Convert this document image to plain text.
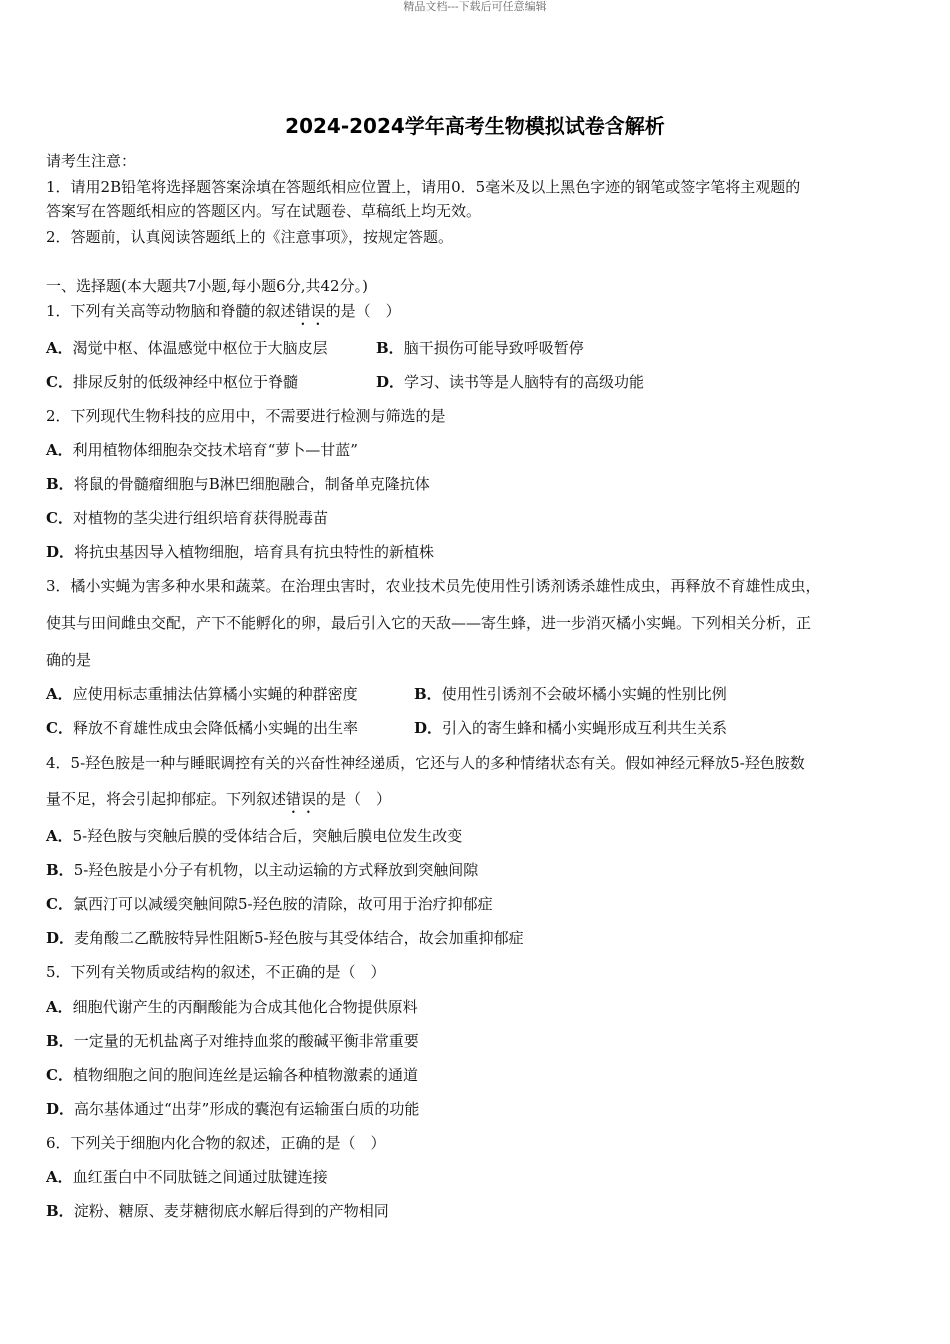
精品文档---下载后可任意编辑
2024-2024学年高考生物模拟试卷含解析
请考生注意：
1．请用2B铅笔将选择题答案涂填在答题纸相应位置上，请用0．5毫米及以上黑色字迹的钢笔或签字笔将主观题的
答案写在答题纸相应的答题区内。写在试题卷、草稿纸上均无效。
2．答题前，认真阅读答题纸上的《注意事项》，按规定答题。
一、选择题(本大题共7小题,每小题6分,共42分。)
1．下列有关高等动物脑和脊髓的叙述错误的是（　）
A．渴觉中枢、体温感觉中枢位于大脑皮层	B．脑干损伤可能导致呼吸暂停
C．排尿反射的低级神经中枢位于脊髓	D．学习、读书等是人脑特有的高级功能
2．下列现代生物科技的应用中，不需要进行检测与筛选的是
A．利用植物体细胞杂交技术培育“萝卜—甘蓝”
B．将鼠的骨髓瘤细胞与B淋巴细胞融合，制备单克隆抗体
C．对植物的茎尖进行组织培育获得脱毒苗
D．将抗虫基因导入植物细胞，培育具有抗虫特性的新植株
3．橘小实蝇为害多种水果和蔬菜。在治理虫害时，农业技术员先使用性引诱剂诱杀雄性成虫，再释放不育雄性成虫，
使其与田间雌虫交配，产下不能孵化的卵，最后引入它的天敌——寄生蜂，进一步消灭橘小实蝇。下列相关分析，正
确的是
A．应使用标志重捕法估算橘小实蝇的种群密度	B．使用性引诱剂不会破坏橘小实蝇的性别比例
C．释放不育雄性成虫会降低橘小实蝇的出生率	D．引入的寄生蜂和橘小实蝇形成互利共生关系
4．5-羟色胺是一种与睡眠调控有关的兴奋性神经递质，它还与人的多种情绪状态有关。假如神经元释放5-羟色胺数
量不足，将会引起抑郁症。下列叙述错误的是（　）
A．5-羟色胺与突触后膜的受体结合后，突触后膜电位发生改变
B．5-羟色胺是小分子有机物，以主动运输的方式释放到突触间隙
C．氯西汀可以减缓突触间隙5-羟色胺的清除，故可用于治疗抑郁症
D．麦角酸二乙酰胺特异性阻断5-羟色胺与其受体结合，故会加重抑郁症
5．下列有关物质或结构的叙述，不正确的是（　）
A．细胞代谢产生的丙酮酸能为合成其他化合物提供原料
B．一定量的无机盐离子对维持血浆的酸碱平衡非常重要
C．植物细胞之间的胞间连丝是运输各种植物激素的通道
D．高尔基体通过“出芽”形成的囊泡有运输蛋白质的功能
6．下列关于细胞内化合物的叙述，正确的是（　）
A．血红蛋白中不同肽链之间通过肽键连接
B．淀粉、糖原、麦芽糖彻底水解后得到的产物相同
